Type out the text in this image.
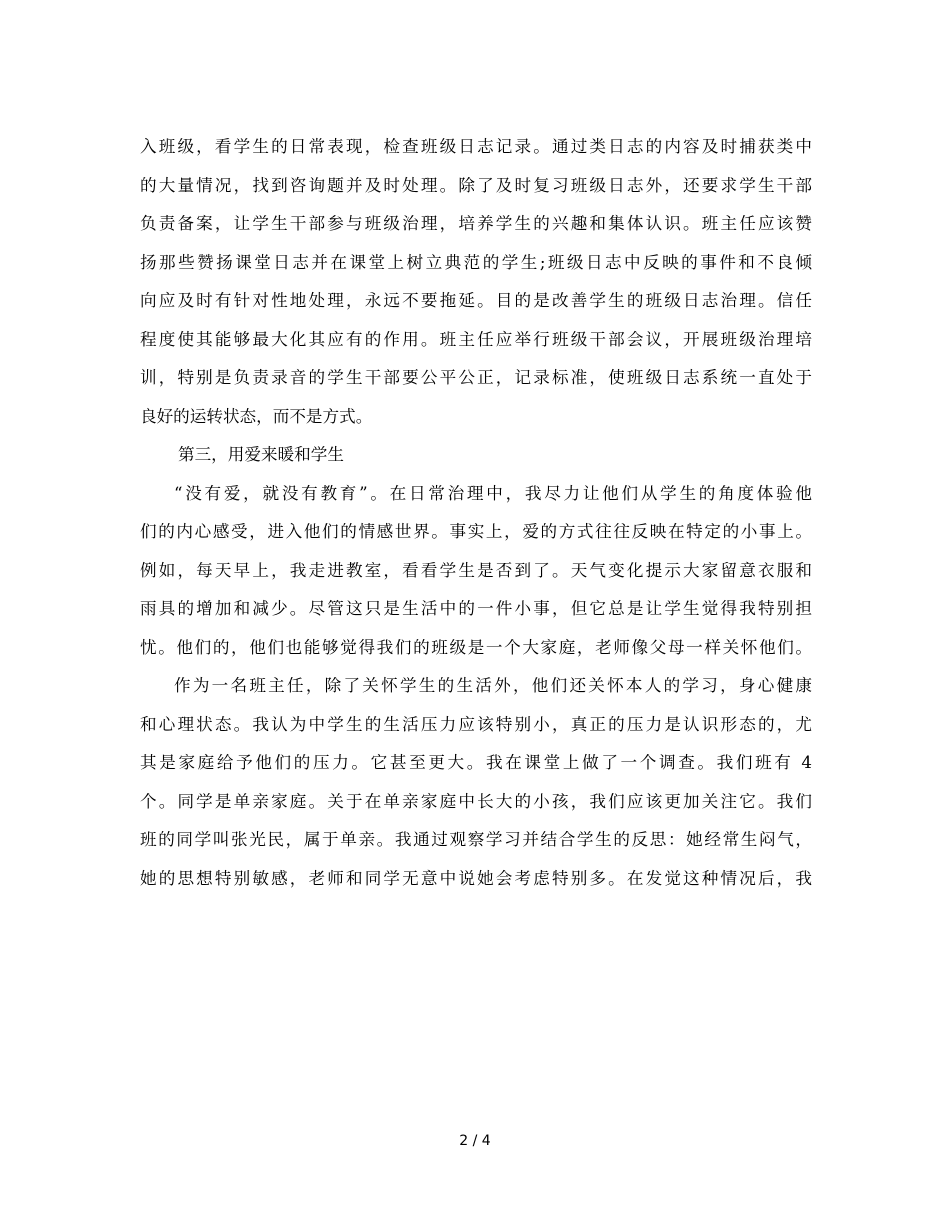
入班级，看学生的日常表现，检查班级日志记录。通过类日志的内容及时捕获类中
的大量情况，找到咨询题并及时处理。除了及时复习班级日志外，还要求学生干部
负责备案，让学生干部参与班级治理，培养学生的兴趣和集体认识。班主任应该赞
扬那些赞扬课堂日志并在课堂上树立典范的学生;班级日志中反映的事件和不良倾
向应及时有针对性地处理，永远不要拖延。目的是改善学生的班级日志治理。信任
程度使其能够最大化其应有的作用。班主任应举行班级干部会议，开展班级治理培
训，特别是负责录音的学生干部要公平公正，记录标准，使班级日志系统一直处于
良好的运转状态，而不是方式。
第三，用爱来暖和学生
“没有爱，就没有教育”。在日常治理中，我尽力让他们从学生的角度体验他
们的内心感受，进入他们的情感世界。事实上，爱的方式往往反映在特定的小事上。
例如，每天早上，我走进教室，看看学生是否到了。天气变化提示大家留意衣服和
雨具的增加和减少。尽管这只是生活中的一件小事，但它总是让学生觉得我特别担
忧。他们的，他们也能够觉得我们的班级是一个大家庭，老师像父母一样关怀他们。
作为一名班主任，除了关怀学生的生活外，他们还关怀本人的学习，身心健康
和心理状态。我认为中学生的生活压力应该特别小，真正的压力是认识形态的，尤
其是家庭给予他们的压力。它甚至更大。我在课堂上做了一个调查。我们班有 4
个。同学是单亲家庭。关于在单亲家庭中长大的小孩，我们应该更加关注它。我们
班的同学叫张光民，属于单亲。我通过观察学习并结合学生的反思：她经常生闷气，
她的思想特别敏感，老师和同学无意中说她会考虑特别多。在发觉这种情况后，我
2 / 4
